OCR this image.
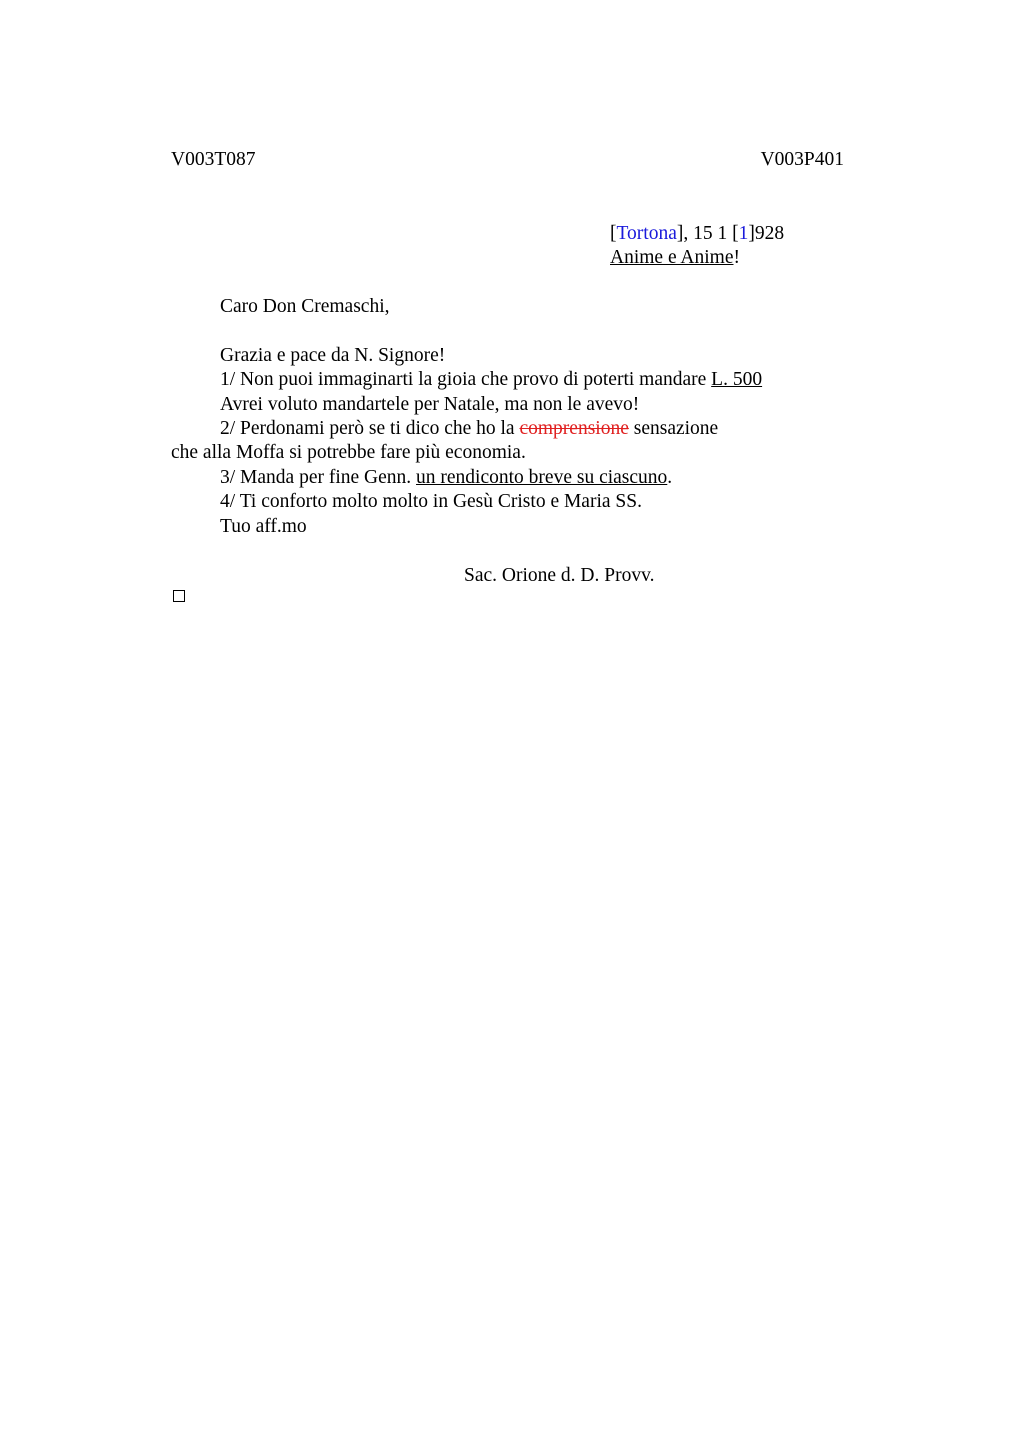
V003T087	V003P401
[Tortona], 15 1 [1]928
Anime e Anime!
Caro Don Cremaschi,
Grazia e pace da N. Signore!
1/ Non puoi immaginarti la gioia che provo di poterti mandare L. 500
Avrei voluto mandartele per Natale, ma non le avevo!
2/ Perdonami però se ti dico che ho la comprensione sensazione
che alla Moffa si potrebbe fare più economia.
3/ Manda per fine Genn. un rendiconto breve su ciascuno.
4/ Ti conforto molto molto in Gesù Cristo e Maria SS.
Tuo aff.mo
Sac. Orione d. D. Provv.
